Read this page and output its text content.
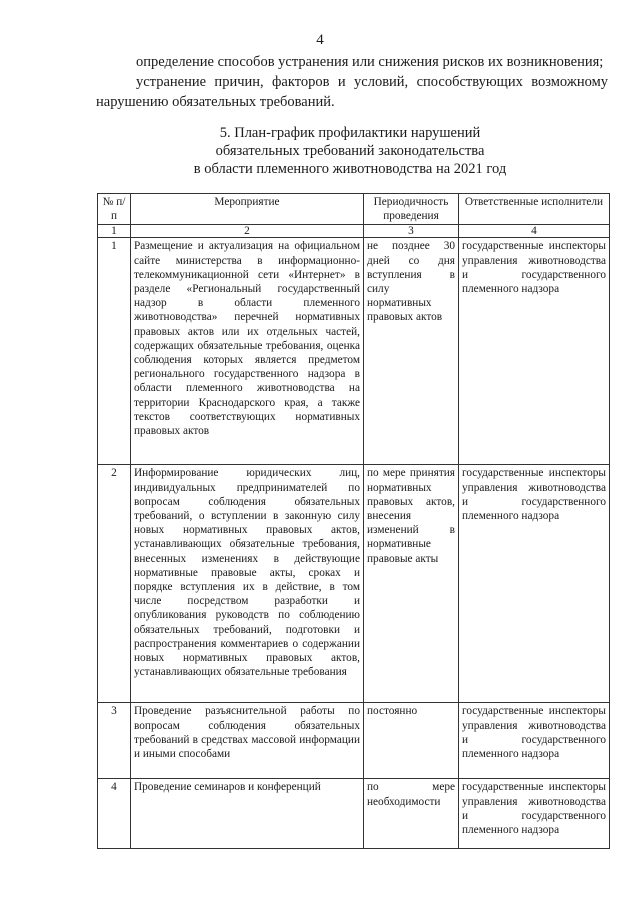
4

определение способов устранения или снижения рисков их возникновения;

устранение причин, факторов и условий, способствующих возможному нарушению обязательных требований.

5. План-график профилактики нарушений
обязательных требований законодательства
в области племенного животноводства на 2021 год
№ п/п	Мероприятие	Периодичность проведения	Ответственные исполнители
1	2	3	4
1	Размещение и актуализация на официальном сайте министерства в информационно-телекоммуникационной сети «Интернет» в разделе «Региональный государственный надзор в области племенного животноводства» перечней нормативных правовых актов или их отдельных частей, содержащих обязательные требования, оценка соблюдения которых является предметом регионального государственного надзора в области племенного животноводства на территории Краснодарского края, а также текстов соответствующих нормативных правовых актов	не позднее 30 дней со дня вступления в силу нормативных правовых актов	государственные инспекторы управления животноводства и государственного племенного надзора
2	Информирование юридических лиц, индивидуальных предпринимателей по вопросам соблюдения обязательных требований, о вступлении в законную силу новых нормативных правовых актов, устанавливающих обязательные требования, внесенных изменениях в действующие нормативные правовые акты, сроках и порядке вступления их в действие, в том числе посредством разработки и опубликования руководств по соблюдению обязательных требований, подготовки и распространения комментариев о содержании новых нормативных правовых актов, устанавливающих обязательные требования	по мере принятия нормативных правовых актов, внесения изменений в нормативные правовые акты	государственные инспекторы управления животноводства и государственного племенного надзора
3	Проведение разъяснительной работы по вопросам соблюдения обязательных требований в средствах массовой информации и иными способами	постоянно	государственные инспекторы управления животноводства и государственного племенного надзора
4	Проведение семинаров и конференций	по мере необходимости	государственные инспекторы управления животноводства и государственного племенного надзора
